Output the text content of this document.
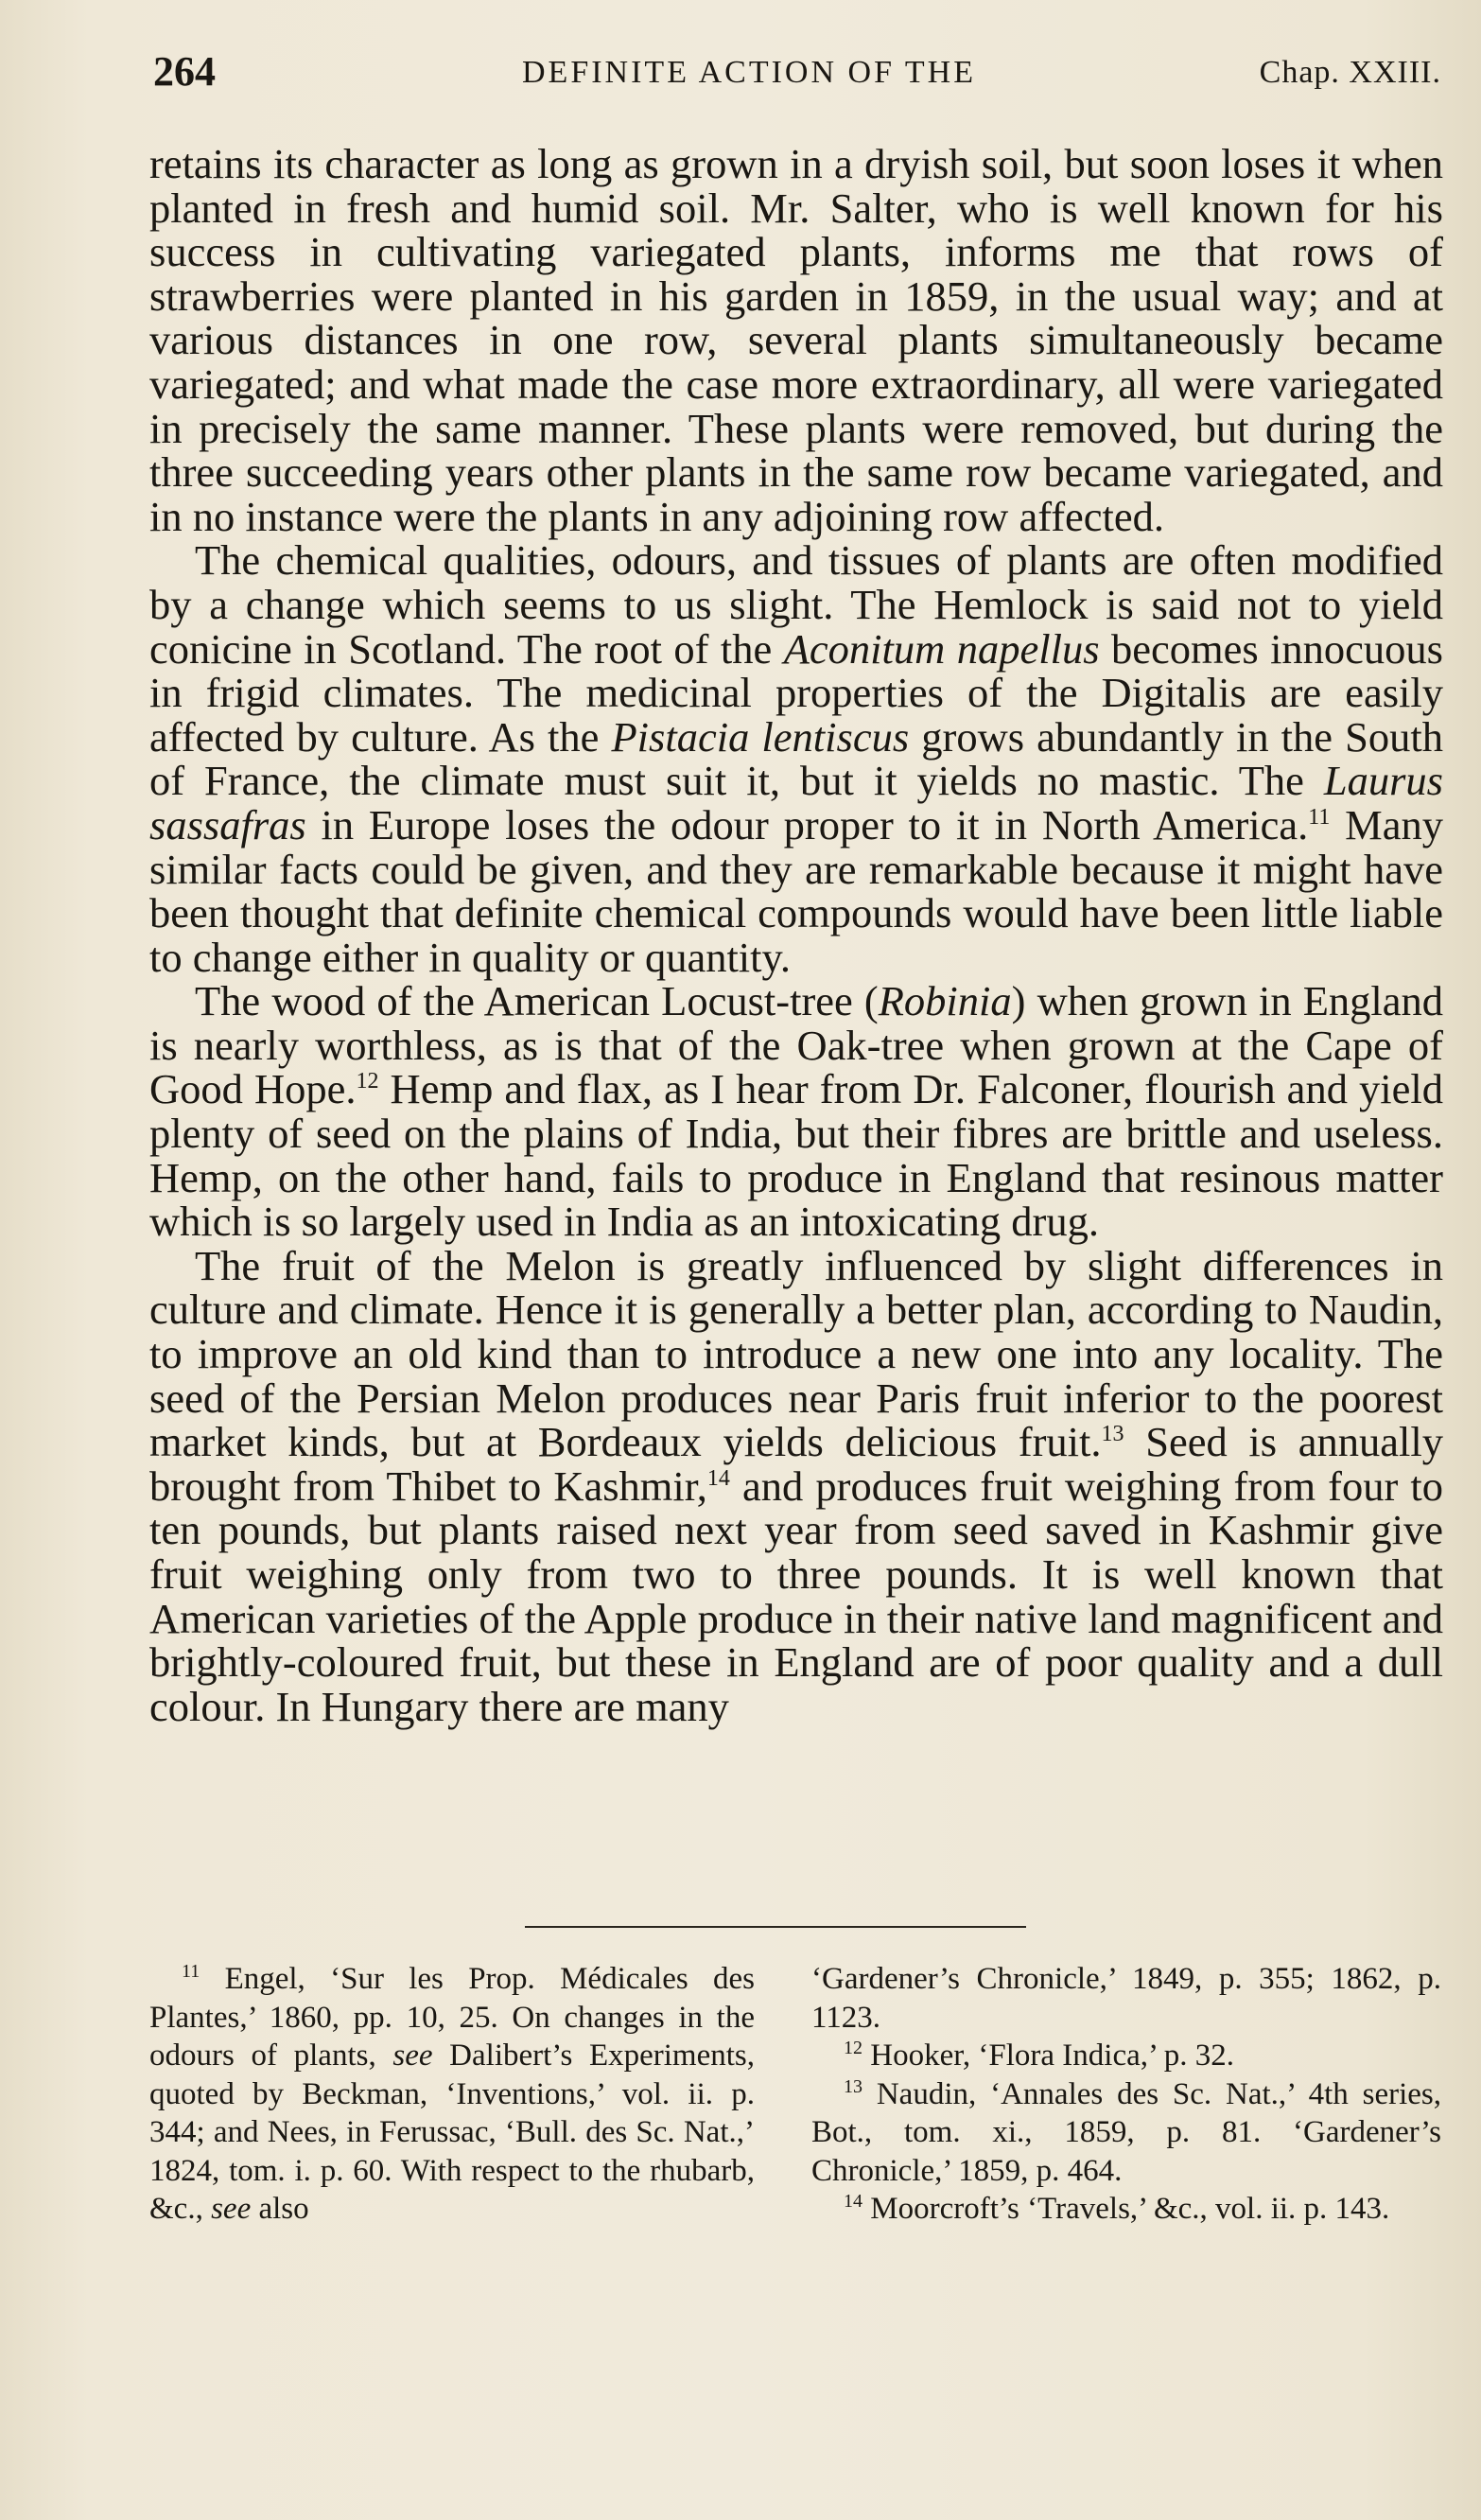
264	DEFINITE ACTION OF THE	Chap. XXIII.

retains its character as long as grown in a dryish soil, but soon loses it when planted in fresh and humid soil. Mr. Salter, who is well known for his success in cultivating variegated plants, informs me that rows of strawberries were planted in his garden in 1859, in the usual way; and at various distances in one row, several plants simultaneously became variegated; and what made the case more extraordinary, all were variegated in precisely the same manner. These plants were removed, but during the three succeeding years other plants in the same row became variegated, and in no instance were the plants in any adjoining row affected.

The chemical qualities, odours, and tissues of plants are often modified by a change which seems to us slight. The Hemlock is said not to yield conicine in Scotland. The root of the Aconitum napellus becomes innocuous in frigid climates. The medicinal properties of the Digitalis are easily affected by culture. As the Pistacia lentiscus grows abundantly in the South of France, the climate must suit it, but it yields no mastic. The Laurus sassafras in Europe loses the odour proper to it in North America.$^{11}$ Many similar facts could be given, and they are remarkable because it might have been thought that definite chemical compounds would have been little liable to change either in quality or quantity.

The wood of the American Locust-tree (Robinia) when grown in England is nearly worthless, as is that of the Oak-tree when grown at the Cape of Good Hope.$^{12}$ Hemp and flax, as I hear from Dr. Falconer, flourish and yield plenty of seed on the plains of India, but their fibres are brittle and useless. Hemp, on the other hand, fails to produce in England that resinous matter which is so largely used in India as an intoxicating drug.

The fruit of the Melon is greatly influenced by slight differences in culture and climate. Hence it is generally a better plan, according to Naudin, to improve an old kind than to introduce a new one into any locality. The seed of the Persian Melon produces near Paris fruit inferior to the poorest market kinds, but at Bordeaux yields delicious fruit.$^{13}$ Seed is annually brought from Thibet to Kashmir,$^{14}$ and produces fruit weighing from four to ten pounds, but plants raised next year from seed saved in Kashmir give fruit weighing only from two to three pounds. It is well known that American varieties of the Apple produce in their native land magnificent and brightly-coloured fruit, but these in England are of poor quality and a dull colour. In Hungary there are many

$^{11}$ Engel, ‘Sur les Prop. Médicales des Plantes,’ 1860, pp. 10, 25. On changes in the odours of plants, see Dalibert’s Experiments, quoted by Beckman, ‘Inventions,’ vol. ii. p. 344; and Nees, in Ferussac, ‘Bull. des Sc. Nat.,’ 1824, tom. i. p. 60. With respect to the rhubarb, &c., see also

‘Gardener’s Chronicle,’ 1849, p. 355; 1862, p. 1123.

$^{12}$ Hooker, ‘Flora Indica,’ p. 32.

$^{13}$ Naudin, ‘Annales des Sc. Nat.,’ 4th series, Bot., tom. xi., 1859, p. 81. ‘Gardener’s Chronicle,’ 1859, p. 464.

$^{14}$ Moorcroft’s ‘Travels,’ &c., vol. ii. p. 143.
